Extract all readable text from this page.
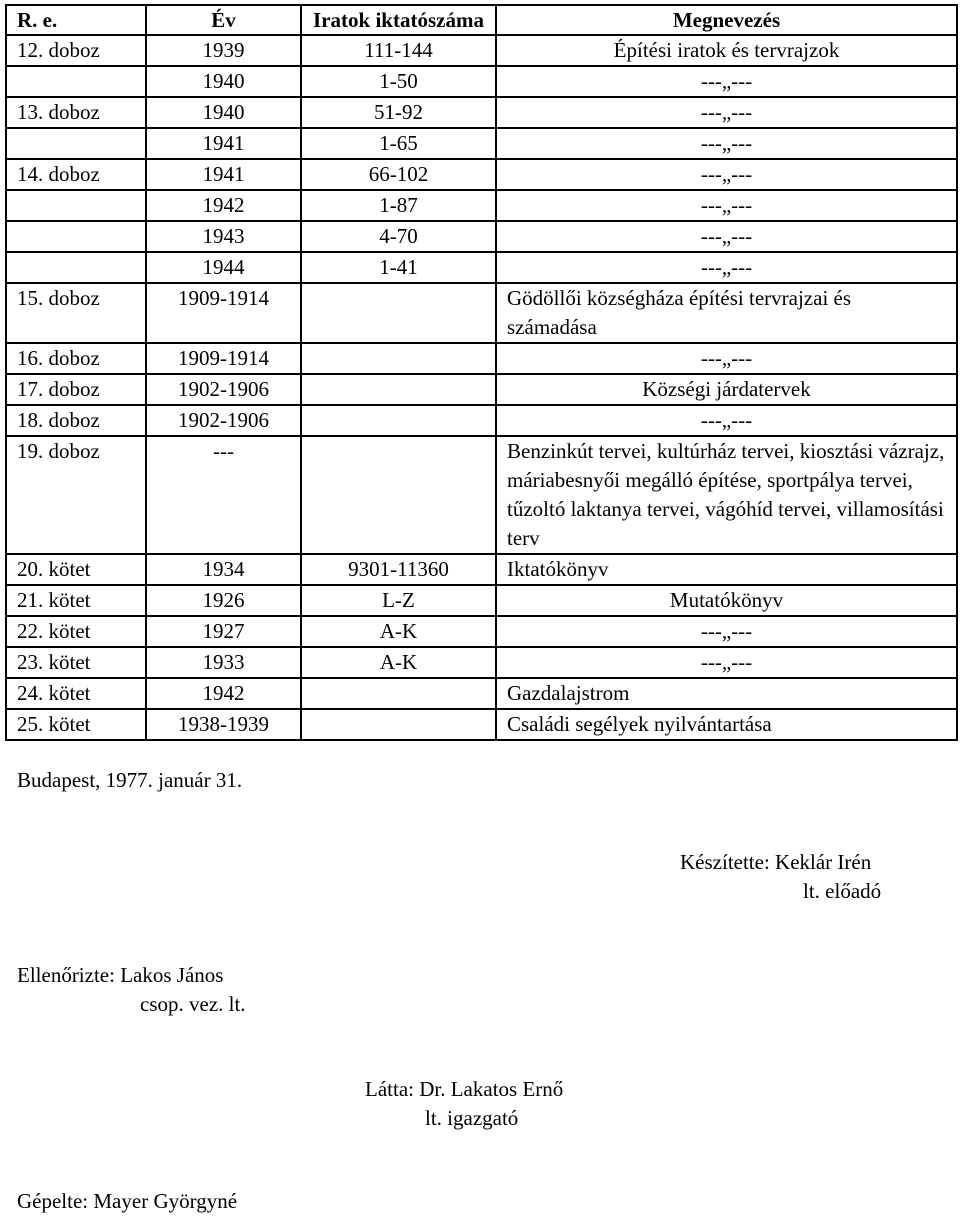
R. e.	Év	Iratok iktatószáma	Megnevezés
12. doboz	1939	111-144	Építési iratok és tervrajzok
	1940	1-50	---„---
13. doboz	1940	51-92	---„---
	1941	1-65	---„---
14. doboz	1941	66-102	---„---
	1942	1-87	---„---
	1943	4-70	---„---
	1944	1-41	---„---
15. doboz	1909-1914		Gödöllői községháza építési tervrajzai és számadása
16. doboz	1909-1914		---„---
17. doboz	1902-1906		Községi járdatervek
18. doboz	1902-1906		---„---
19. doboz	---		Benzinkút tervei, kultúrház tervei, kiosztási vázrajz, máriabesnyői megálló építése, sportpálya tervei, tűzoltó laktanya tervei, vágóhíd tervei, villamosítási terv
20. kötet	1934	9301-11360	Iktatókönyv
21. kötet	1926	L-Z	Mutatókönyv
22. kötet	1927	A-K	---„---
23. kötet	1933	A-K	---„---
24. kötet	1942		Gazdalajstrom
25. kötet	1938-1939		Családi segélyek nyilvántartása
Budapest, 1977. január 31.
Készítette: Keklár Irén
lt. előadó
Ellenőrizte: Lakos János
csop. vez. lt.
Látta: Dr. Lakatos Ernő
lt. igazgató
Gépelte: Mayer Györgyné
